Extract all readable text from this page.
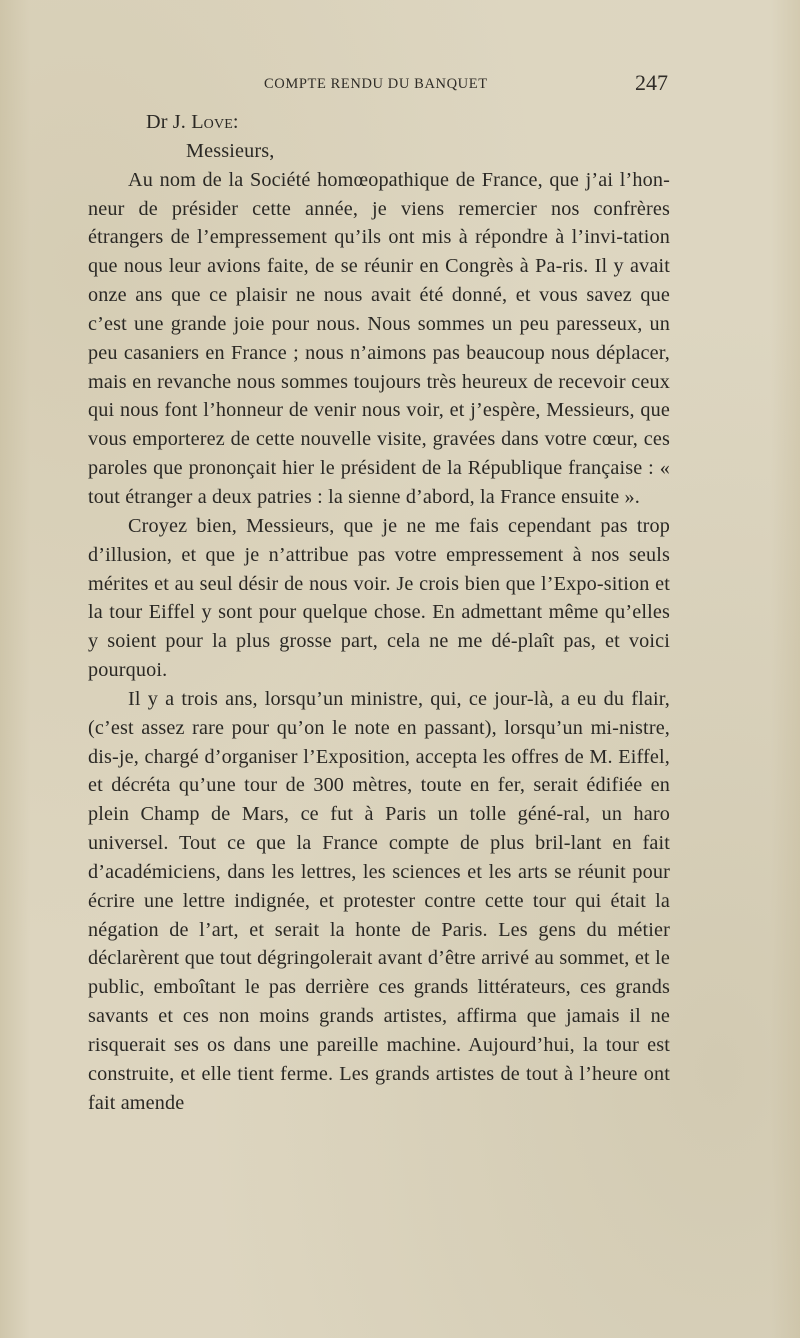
COMPTE RENDU DU BANQUET	247

Dr J. Love:

Messieurs,

Au nom de la Société homœopathique de France, que j’ai l’hon-neur de présider cette année, je viens remercier nos confrères étrangers de l’empressement qu’ils ont mis à répondre à l’invi-tation que nous leur avions faite, de se réunir en Congrès à Pa-ris. Il y avait onze ans que ce plaisir ne nous avait été donné, et vous savez que c’est une grande joie pour nous. Nous sommes un peu paresseux, un peu casaniers en France ; nous n’aimons pas beaucoup nous déplacer, mais en revanche nous sommes toujours très heureux de recevoir ceux qui nous font l’honneur de venir nous voir, et j’espère, Messieurs, que vous emporterez de cette nouvelle visite, gravées dans votre cœur, ces paroles que prononçait hier le président de la République française : « tout étranger a deux patries : la sienne d’abord, la France ensuite ».

Croyez bien, Messieurs, que je ne me fais cependant pas trop d’illusion, et que je n’attribue pas votre empressement à nos seuls mérites et au seul désir de nous voir. Je crois bien que l’Expo-sition et la tour Eiffel y sont pour quelque chose. En admettant même qu’elles y soient pour la plus grosse part, cela ne me dé-plaît pas, et voici pourquoi.

Il y a trois ans, lorsqu’un ministre, qui, ce jour-là, a eu du flair, (c’est assez rare pour qu’on le note en passant), lorsqu’un mi-nistre, dis-je, chargé d’organiser l’Exposition, accepta les offres de M. Eiffel, et décréta qu’une tour de 300 mètres, toute en fer, serait édifiée en plein Champ de Mars, ce fut à Paris un tolle géné-ral, un haro universel. Tout ce que la France compte de plus bril-lant en fait d’académiciens, dans les lettres, les sciences et les arts se réunit pour écrire une lettre indignée, et protester contre cette tour qui était la négation de l’art, et serait la honte de Paris. Les gens du métier déclarèrent que tout dégringolerait avant d’être arrivé au sommet, et le public, emboîtant le pas derrière ces grands littérateurs, ces grands savants et ces non moins grands artistes, affirma que jamais il ne risquerait ses os dans une pareille machine. Aujourd’hui, la tour est construite, et elle tient ferme. Les grands artistes de tout à l’heure ont fait amende
